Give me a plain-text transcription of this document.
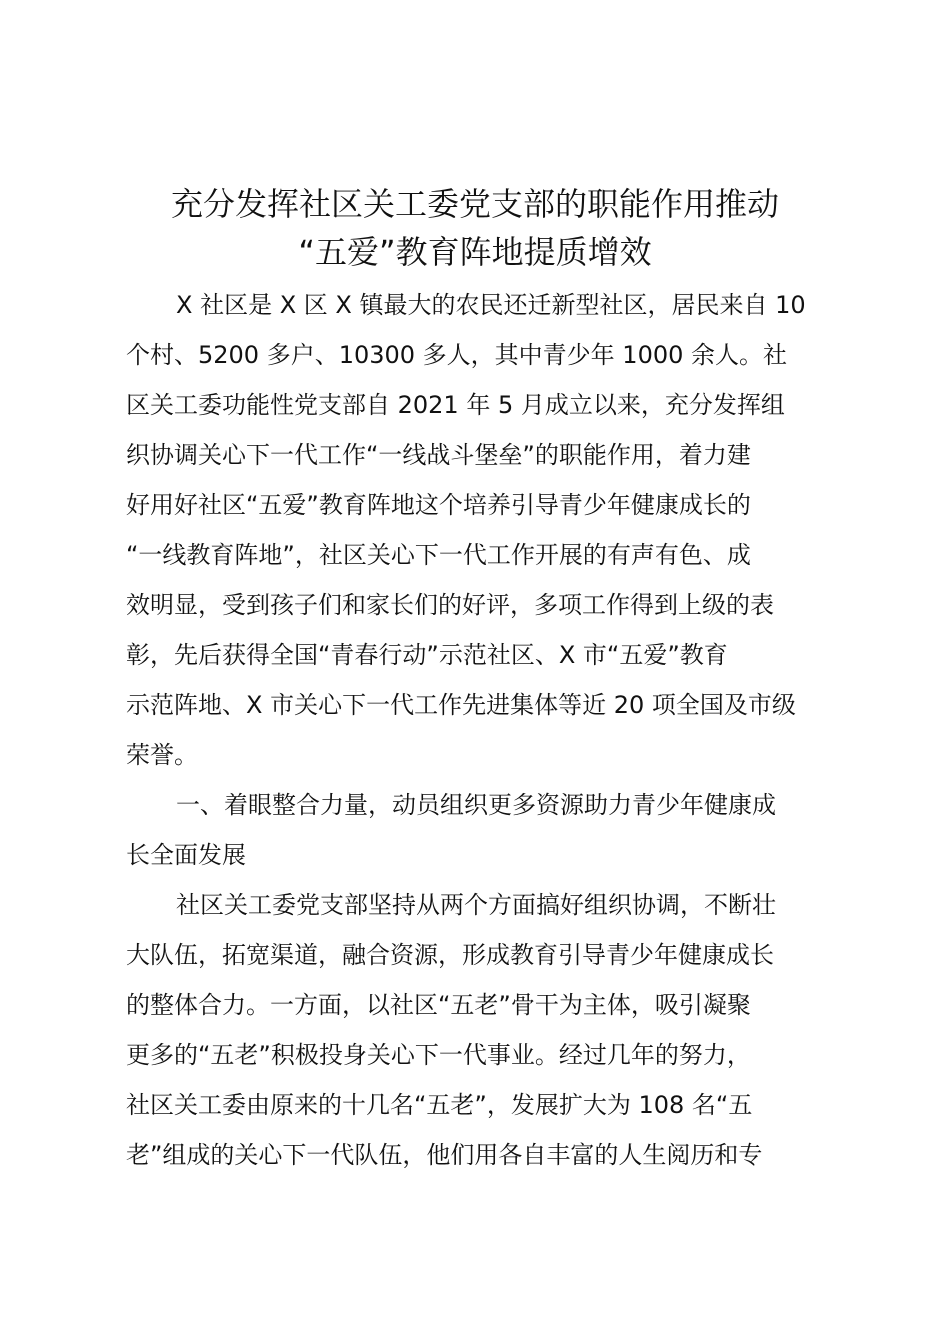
充分发挥社区关工委党支部的职能作用推动
“五爱”教育阵地提质增效

X 社区是 X 区 X 镇最大的农民还迁新型社区，居民来自 10
个村、5200 多户、10300 多人，其中青少年 1000 余人。社
区关工委功能性党支部自 2021 年 5 月成立以来，充分发挥组
织协调关心下一代工作“一线战斗堡垒”的职能作用，着力建
好用好社区“五爱”教育阵地这个培养引导青少年健康成长的
“一线教育阵地”，社区关心下一代工作开展的有声有色、成
效明显，受到孩子们和家长们的好评，多项工作得到上级的表
彰，先后获得全国“青春行动”示范社区、X 市“五爱”教育
示范阵地、X 市关心下一代工作先进集体等近 20 项全国及市级
荣誉。

一、着眼整合力量，动员组织更多资源助力青少年健康成
长全面发展

社区关工委党支部坚持从两个方面搞好组织协调，不断壮
大队伍，拓宽渠道，融合资源，形成教育引导青少年健康成长
的整体合力。一方面，以社区“五老”骨干为主体，吸引凝聚
更多的“五老”积极投身关心下一代事业。经过几年的努力，
社区关工委由原来的十几名“五老”，发展扩大为 108 名“五
老”组成的关心下一代队伍，他们用各自丰富的人生阅历和专
